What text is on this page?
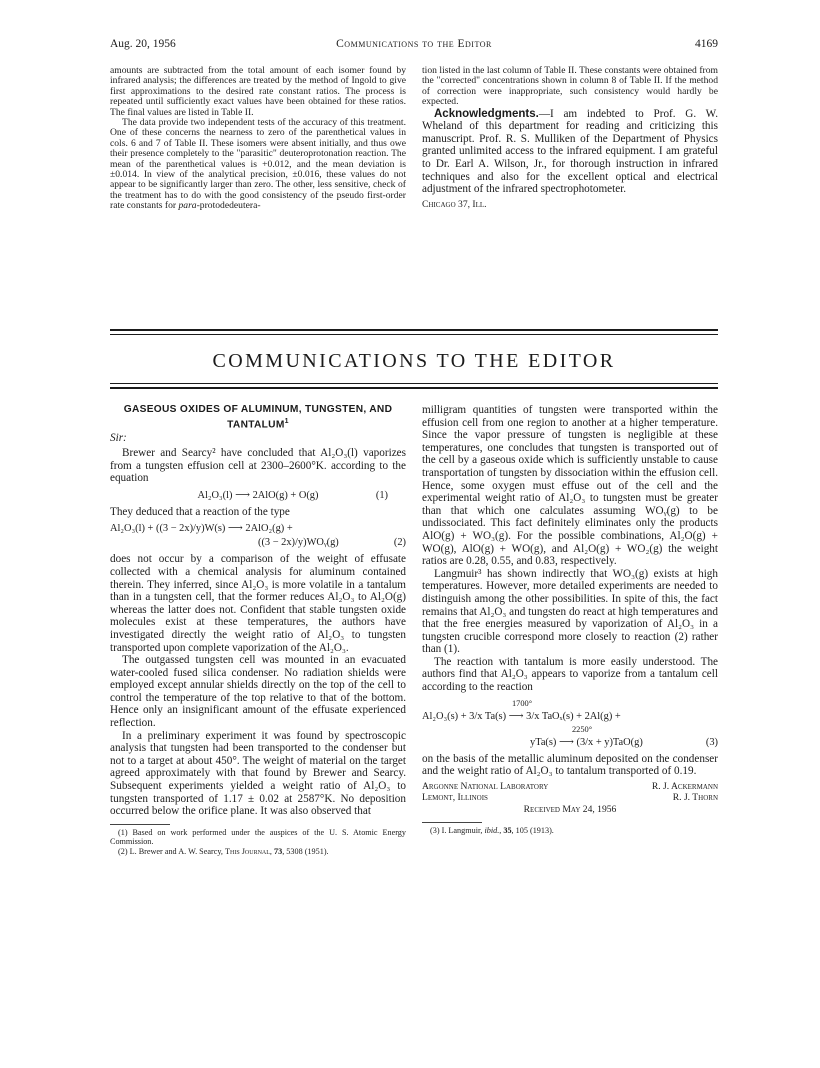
Aug. 20, 1956	Communications to the Editor	4169

amounts are subtracted from the total amount of each isomer found by infrared analysis; the differences are treated by the method of Ingold to give first approximations to the desired rate constant ratios. The process is repeated until sufficiently exact values have been obtained for these ratios. The final values are listed in Table II.

The data provide two independent tests of the accuracy of this treatment. One of these concerns the nearness to zero of the parenthetical values in cols. 6 and 7 of Table II. These isomers were absent initially, and thus owe their presence completely to the "parasitic" deuteroprotonation reaction. The mean of the parenthetical values is +0.012, and the mean deviation is ±0.014. In view of the analytical precision, ±0.016, these values do not appear to be significantly larger than zero. The other, less sensitive, check of the treatment has to do with the good consistency of the pseudo first-order rate constants for para-protodedeutera-

tion listed in the last column of Table II. These constants were obtained from the "corrected" concentrations shown in column 8 of Table II. If the method of correction were inappropriate, such consistency would hardly be expected.

Acknowledgments.—I am indebted to Prof. G. W. Wheland of this department for reading and criticizing this manuscript. Prof. R. S. Mulliken of the Department of Physics granted unlimited access to the infrared equipment. I am grateful to Dr. Earl A. Wilson, Jr., for thorough instruction in infrared techniques and also for the excellent optical and electrical adjustment of the infrared spectrophotometer.

Chicago 37, Ill.

COMMUNICATIONS TO THE EDITOR
GASEOUS OXIDES OF ALUMINUM, TUNGSTEN, AND TANTALUM$^1$
Sir:

Brewer and Searcy² have concluded that Al₂O₃(l) vaporizes from a tungsten effusion cell at 2300–2600°K. according to the equation

Al₂O₃(l) ⟶ 2AlO(g) + O(g)	(1)

They deduced that a reaction of the type

Al₂O₃(l) + ((3 − 2x)/y)W(s) ⟶ 2AlO₂(g) +
((3 − 2x)/y)WOᵧ(g)	(2)

does not occur by a comparison of the weight of effusate collected with a chemical analysis for aluminum contained therein. They inferred, since Al₂O₃ is more volatile in a tantalum than in a tungsten cell, that the former reduces Al₂O₃ to Al₂O(g) whereas the latter does not. Confident that stable tungsten oxide molecules exist at these temperatures, the authors have investigated directly the weight ratio of Al₂O₃ to tungsten transported upon complete vaporization of the Al₂O₃.

The outgassed tungsten cell was mounted in an evacuated water-cooled fused silica condenser. No radiation shields were employed except annular shields directly on the top of the cell to control the temperature of the top relative to that of the bottom. Hence only an insignificant amount of the effusate experienced reflection.

In a preliminary experiment it was found by spectroscopic analysis that tungsten had been transported to the condenser but not to a target at about 450°. The weight of material on the target agreed approximately with that found by Brewer and Searcy. Subsequent experiments yielded a weight ratio of Al₂O₃ to tungsten transported of 1.17 ± 0.02 at 2587°K. No deposition occurred below the orifice plane. It was also observed that

(1) Based on work performed under the auspices of the U. S. Atomic Energy Commission.

(2) L. Brewer and A. W. Searcy, This Journal, 73, 5308 (1951).

milligram quantities of tungsten were transported within the effusion cell from one region to another at a higher temperature. Since the vapor pressure of tungsten is negligible at these temperatures, one concludes that tungsten is transported out of the cell by a gaseous oxide which is sufficiently unstable to cause transportation of tungsten by dissociation within the effusion cell. Hence, some oxygen must effuse out of the cell and the experimental weight ratio of Al₂O₃ to tungsten must be greater than that which one calculates assuming WOᵧ(g) to be undissociated. This fact definitely eliminates only the products AlO(g) + WO₃(g). For the possible combinations, Al₂O(g) + WO(g), AlO(g) + WO(g), and Al₂O(g) + WO₂(g) the weight ratios are 0.28, 0.55, and 0.83, respectively.

Langmuir³ has shown indirectly that WO₃(g) exists at high temperatures. However, more detailed experiments are needed to distinguish among the other possibilities. In spite of this, the fact remains that Al₂O₃ and tungsten do react at high temperatures and that the free energies measured by vaporization of Al₂O₃ in a tungsten crucible correspond more closely to reaction (2) rather than (1).

The reaction with tantalum is more easily understood. The authors find that Al₂O₃ appears to vaporize from a tantalum cell according to the reaction

1700°
Al₂O₃(s) + 3/x Ta(s) ⟶ 3/x TaOₓ(s) + 2Al(g) +
2250°
yTa(s) ⟶ (3/x + y)TaO(g)	(3)

on the basis of the metallic aluminum deposited on the condenser and the weight ratio of Al₂O₃ to tantalum transported of 0.19.

Argonne National Laboratory	R. J. Ackermann
Lemont, Illinois	R. J. Thorn
Received May 24, 1956

(3) I. Langmuir, ibid., 35, 105 (1913).
